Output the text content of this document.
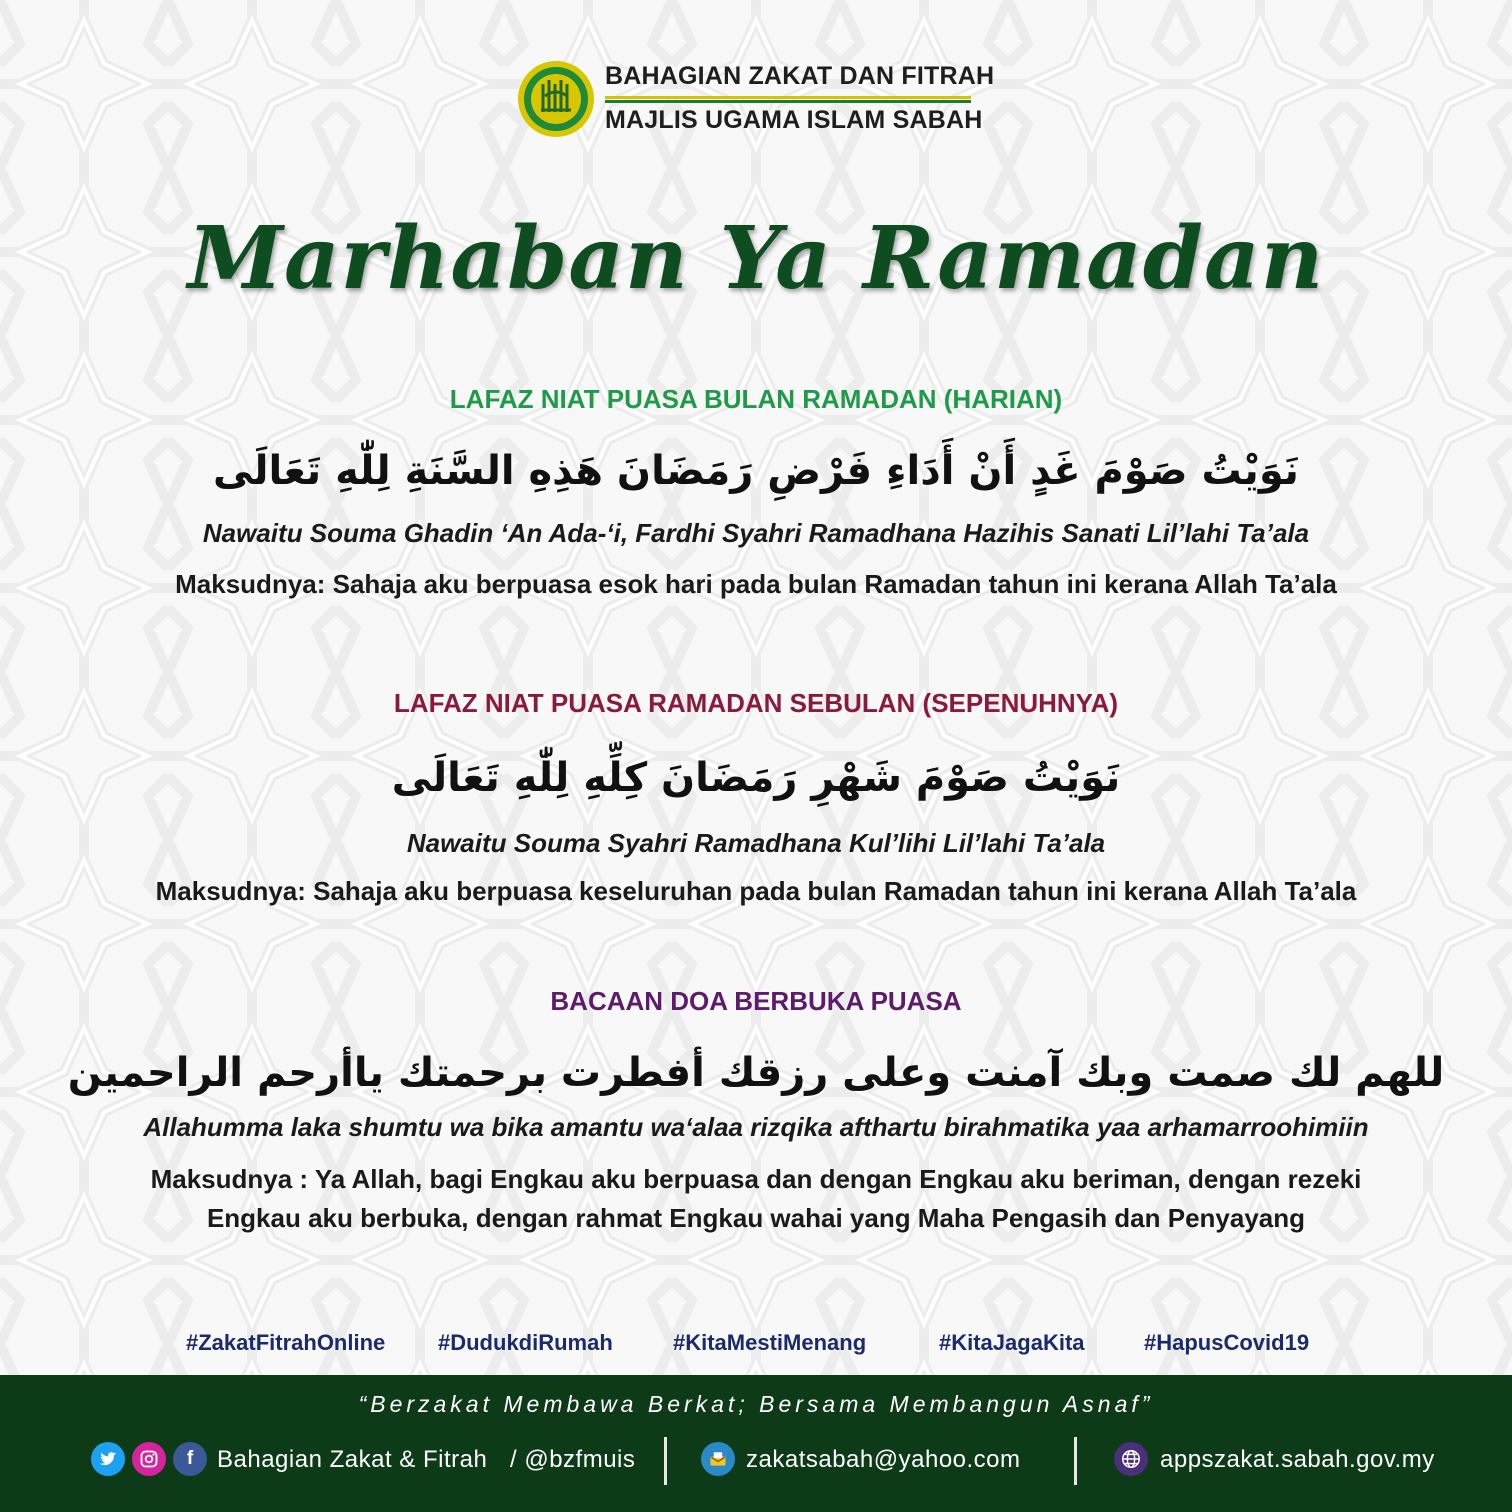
BAHAGIAN ZAKAT DAN FITRAH
MAJLIS UGAMA ISLAM SABAH
Marhaban Ya Ramadan
LAFAZ NIAT PUASA BULAN RAMADAN (HARIAN)
نَوَيْتُ صَوْمَ غَدٍ أَنْ أَدَاءِ فَرْضِ رَمَضَانَ هَذِهِ السَّنَةِ لِلّٰهِ تَعَالَى
Nawaitu Souma Ghadin ‘An Ada-‘i, Fardhi Syahri Ramadhana Hazihis Sanati Lil’lahi Ta’ala
Maksudnya: Sahaja aku berpuasa esok hari pada bulan Ramadan tahun ini kerana Allah Ta’ala
LAFAZ NIAT PUASA RAMADAN SEBULAN (SEPENUHNYA)
نَوَيْتُ صَوْمَ شَهْرِ رَمَضَانَ كِلِّهِ لِلّٰهِ تَعَالَى
Nawaitu Souma Syahri Ramadhana Kul’lihi Lil’lahi Ta’ala
Maksudnya: Sahaja aku berpuasa keseluruhan pada bulan Ramadan tahun ini kerana Allah Ta’ala
BACAAN DOA BERBUKA PUASA
للهم لك صمت وبك آمنت وعلى رزقك أفطرت برحمتك ياأرحم الراحمين
Allahumma laka shumtu wa bika amantu wa‘alaa rizqika afthartu birahmatika yaa arhamarroohimiin
Maksudnya : Ya Allah, bagi Engkau aku berpuasa dan dengan Engkau aku beriman, dengan rezeki
Engkau aku berbuka, dengan rahmat Engkau wahai yang Maha Pengasih dan Penyayang
#ZakatFitrahOnline #DudukdiRumah	#KitaMestiMenang	#KitaJagaKita	#HapusCovid19
“Berzakat Membawa Berkat; Bersama Membangun Asnaf”
f Bahagian Zakat & Fitrah / @bzfmuis	zakatsabah@yahoo.com	appszakat.sabah.gov.my
